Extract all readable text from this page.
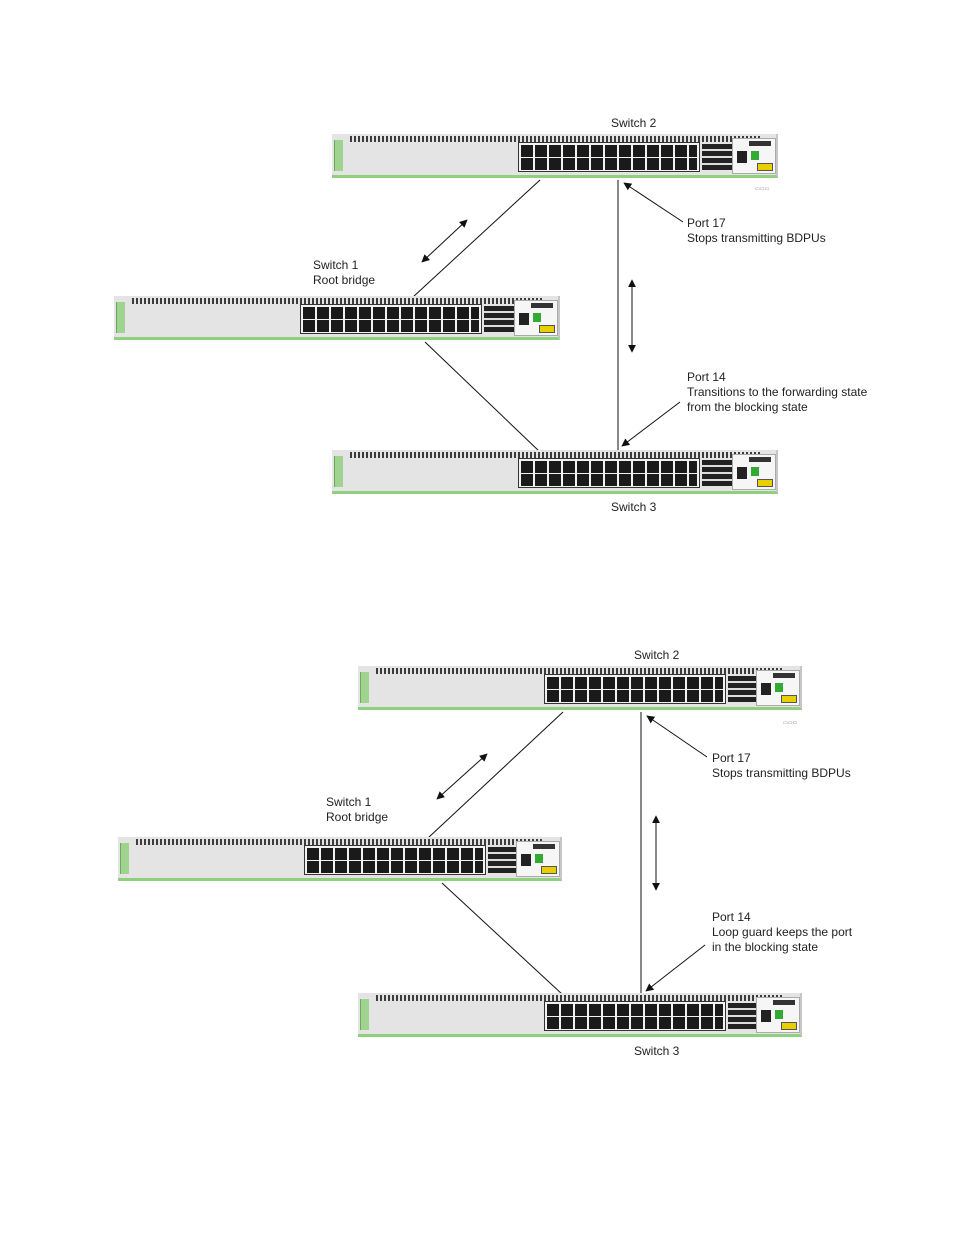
▭▭▭
Switch 2
Switch 1
Root bridge
Switch 3
Port 17
Stops transmitting BDPUs
Port 14
Transitions to the forwarding state
from the blocking state
▭▭▭
Switch 2
Switch 1
Root bridge
Switch 3
Port 17
Stops transmitting BDPUs
Port 14
Loop guard keeps the port
in the blocking state
